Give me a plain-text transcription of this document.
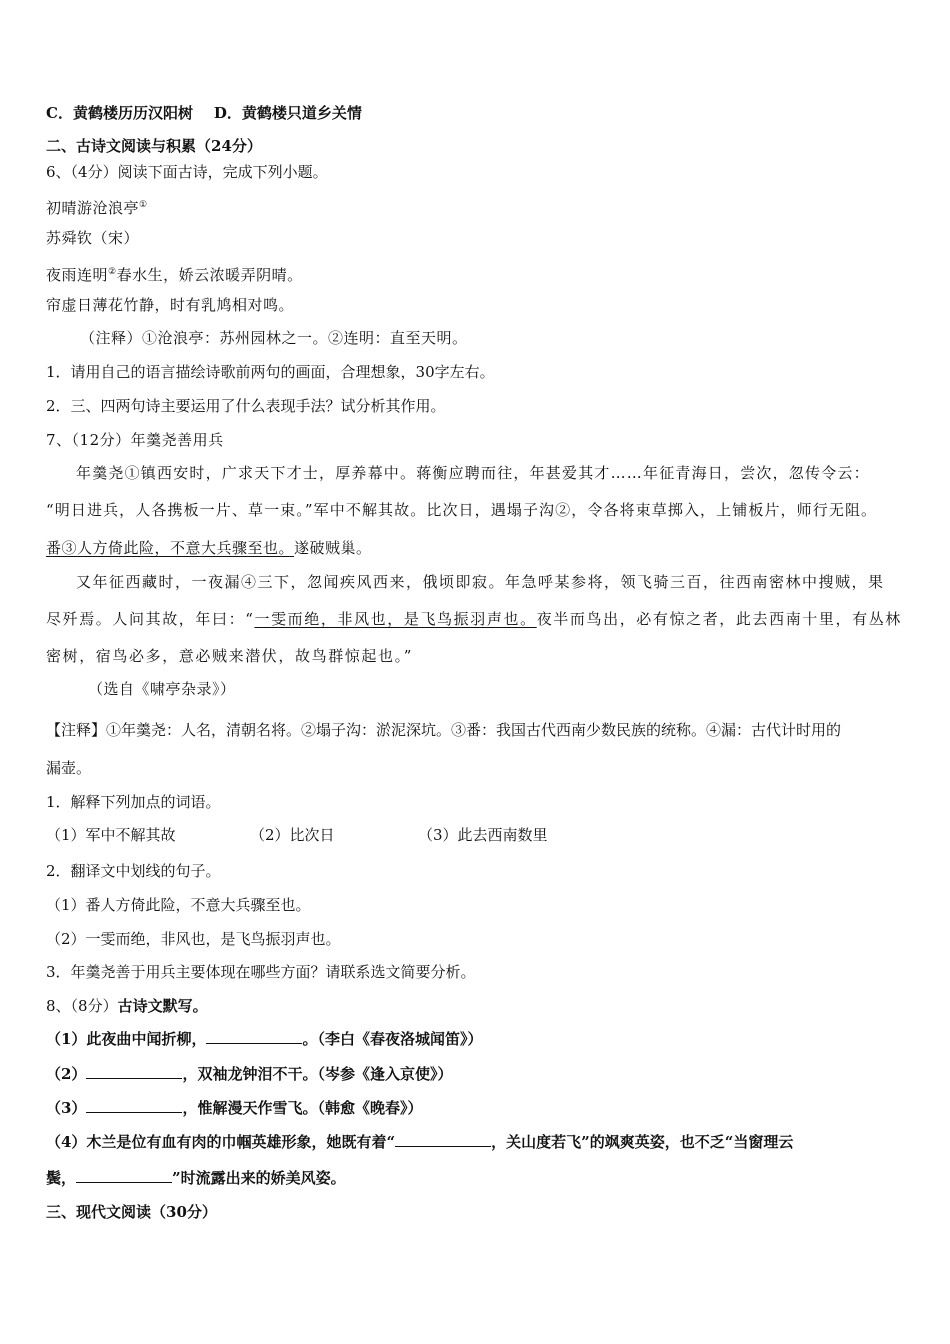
C．黄鹤楼历历汉阳树 D．黄鹤楼只道乡关情
二、古诗文阅读与积累（24分）
6、（4分）阅读下面古诗，完成下列小题。
初晴游沧浪亭①
苏舜钦（宋）
夜雨连明②春水生，娇云浓暖弄阴晴。
帘虚日薄花竹静，时有乳鸠相对鸣。
（注释）①沧浪亭：苏州园林之一。②连明：直至天明。
1．请用自己的语言描绘诗歌前两句的画面，合理想象，30字左右。
2．三、四两句诗主要运用了什么表现手法？试分析其作用。
7、（12分）年羹尧善用兵
年羹尧①镇西安时，广求天下才士，厚养幕中。蒋衡应聘而往，年甚爱其才……年征青海日，尝次，忽传令云：
“明日进兵，人各携板一片、草一束。”军中不解其故。比次日，遇塌子沟②，令各将束草掷入，上铺板片，师行无阻。
番③人方倚此险，不意大兵骤至也。遂破贼巢。
又年征西藏时，一夜漏④三下，忽闻疾风西来，俄顷即寂。年急呼某参将，领飞骑三百，往西南密林中搜贼，果
尽歼焉。人问其故，年曰：“一雯而绝，非风也，是飞鸟振羽声也。夜半而鸟出，必有惊之者，此去西南十里，有丛林
密树，宿鸟必多，意必贼来潜伏，故鸟群惊起也。”
（选自《啸亭杂录》）
【注释】①年羹尧：人名，清朝名将。②塌子沟：淤泥深坑。③番：我国古代西南少数民族的统称。④漏：古代计时用的
漏壶。
1．解释下列加点的词语。
（1）军中不解其故	（2）比次日	（3）此去西南数里
2．翻译文中划线的句子。
（1）番人方倚此险，不意大兵骤至也。
（2）一雯而绝，非风也，是飞鸟振羽声也。
3．年羹尧善于用兵主要体现在哪些方面？请联系选文简要分析。
8、（8分）古诗文默写。
（1）此夜曲中闻折柳，	。（李白《春夜洛城闻笛》）
（2）	，双袖龙钟泪不干。（岑参《逢入京使》）
（3）	，惟解漫天作雪飞。（韩愈《晚春》）
（4）木兰是位有血有肉的巾帼英雄形象，她既有着“	，关山度若飞”的飒爽英姿，也不乏“当窗理云
鬓，	”时流露出来的娇美风姿。
三、现代文阅读（30分）
